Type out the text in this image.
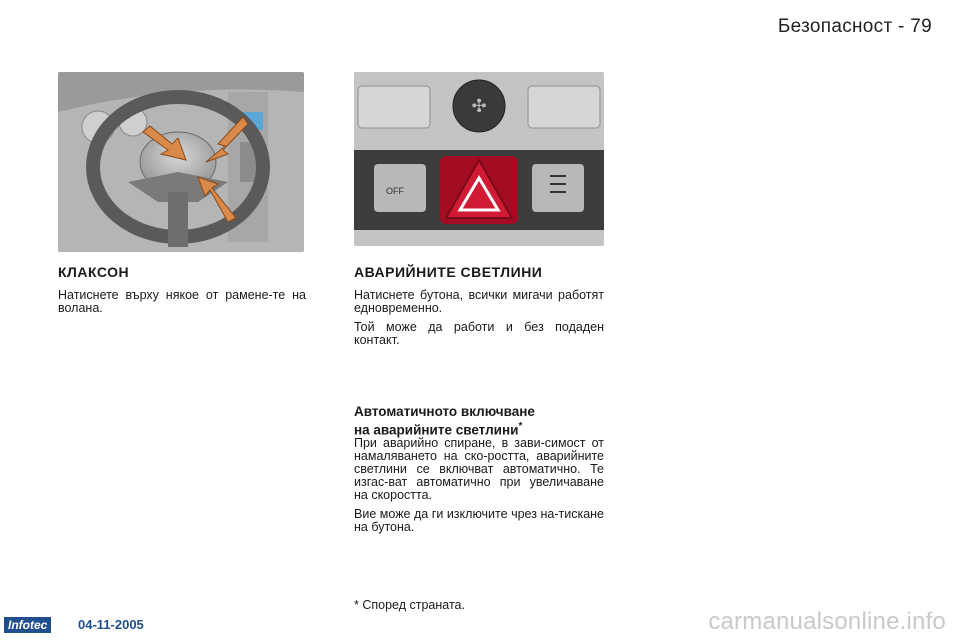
Безопасност - 79
✣
OFF
КЛАКСОН

Натиснете върху някое от рамене-те на волана.

АВАРИЙНИТЕ СВЕТЛИНИ

Натиснете бутона, всички мигачи работят едновременно.

Той може да работи и без подаден контакт.

Автоматичното включване
на аварийните светлини*

При аварийно спиране, в зави-симост от намаляването на ско-ростта, аварийните светлини се включват автоматично. Те изгас-ват автоматично при увеличаване на скоростта.

Вие може да ги изключите чрез на-тискане на бутона.

* Според страната.
Infotec	04-11-2005	carmanualsonline.info
